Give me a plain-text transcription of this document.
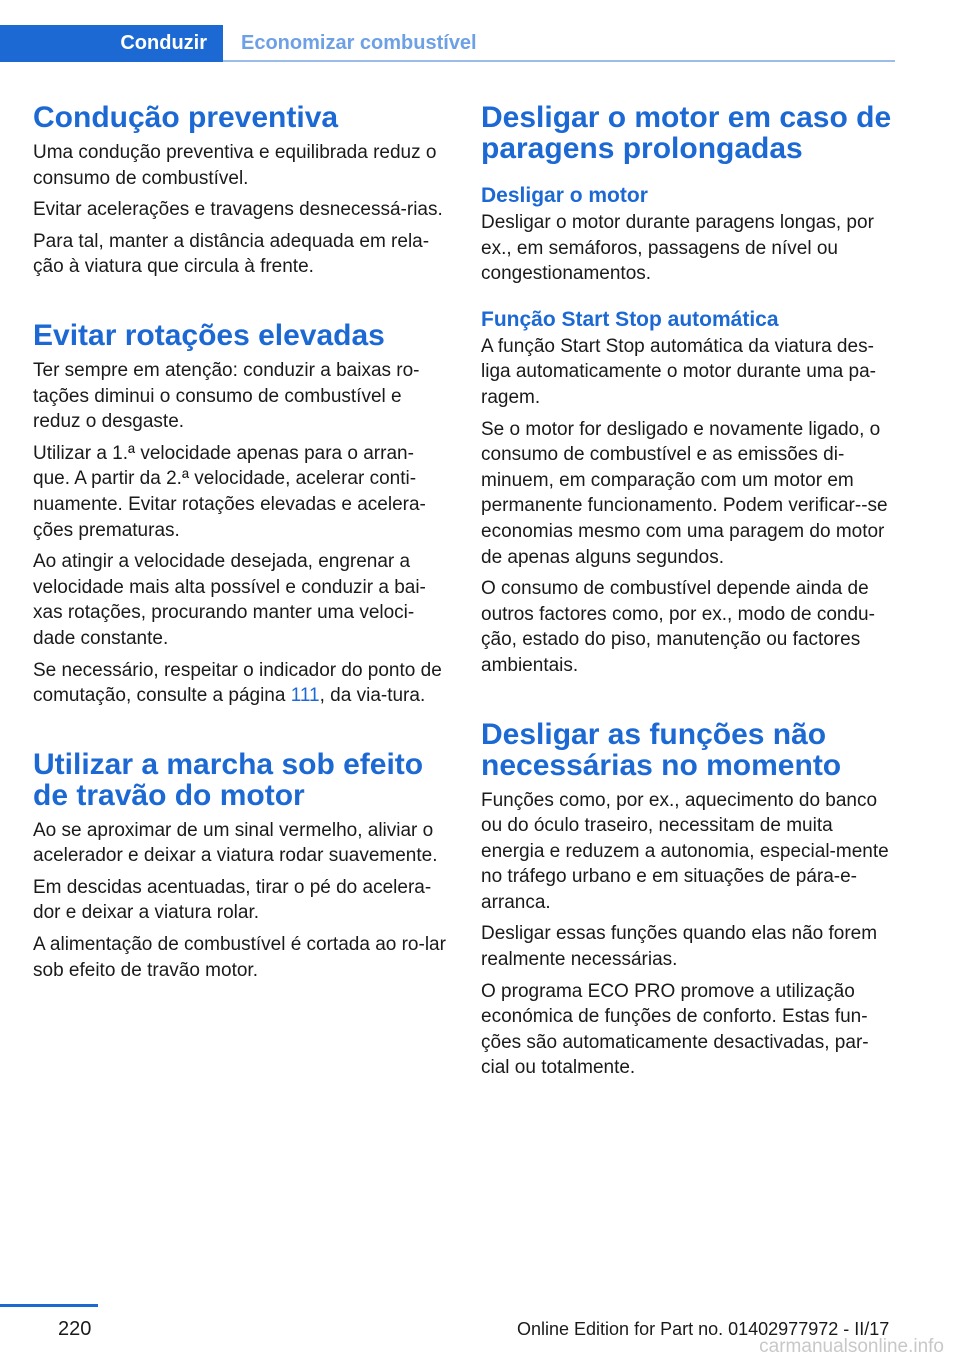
Conduzir	Economizar combustível
Condução preventiva

Uma condução preventiva e equilibrada reduz o consumo de combustível.

Evitar acelerações e travagens desnecessá-rias.

Para tal, manter a distância adequada em rela-ção à viatura que circula à frente.

Evitar rotações elevadas

Ter sempre em atenção: conduzir a baixas ro-tações diminui o consumo de combustível e reduz o desgaste.

Utilizar a 1.ª velocidade apenas para o arran-que. A partir da 2.ª velocidade, acelerar conti-nuamente. Evitar rotações elevadas e acelera-ções prematuras.

Ao atingir a velocidade desejada, engrenar a velocidade mais alta possível e conduzir a bai-xas rotações, procurando manter uma veloci-dade constante.

Se necessário, respeitar o indicador do ponto de comutação, consulte a página 111, da via-tura.

Utilizar a marcha sob efeito de travão do motor

Ao se aproximar de um sinal vermelho, aliviar o acelerador e deixar a viatura rodar suavemente.

Em descidas acentuadas, tirar o pé do acelera-dor e deixar a viatura rolar.

A alimentação de combustível é cortada ao ro-lar sob efeito de travão motor.

Desligar o motor em caso de paragens prolongadas
Desligar o motor

Desligar o motor durante paragens longas, por ex., em semáforos, passagens de nível ou congestionamentos.

Função Start Stop automática

A função Start Stop automática da viatura des-liga automaticamente o motor durante uma pa-ragem.

Se o motor for desligado e novamente ligado, o consumo de combustível e as emissões di-minuem, em comparação com um motor em permanente funcionamento. Podem verificar--se economias mesmo com uma paragem do motor de apenas alguns segundos.

O consumo de combustível depende ainda de outros factores como, por ex., modo de condu-ção, estado do piso, manutenção ou factores ambientais.

Desligar as funções não necessárias no momento

Funções como, por ex., aquecimento do banco ou do óculo traseiro, necessitam de muita energia e reduzem a autonomia, especial-mente no tráfego urbano e em situações de pára-e-arranca.

Desligar essas funções quando elas não forem realmente necessárias.

O programa ECO PRO promove a utilização económica de funções de conforto. Estas fun-ções são automaticamente desactivadas, par-cial ou totalmente.

220	Online Edition for Part no. 01402977972 - II/17
carmanualsonline.info
